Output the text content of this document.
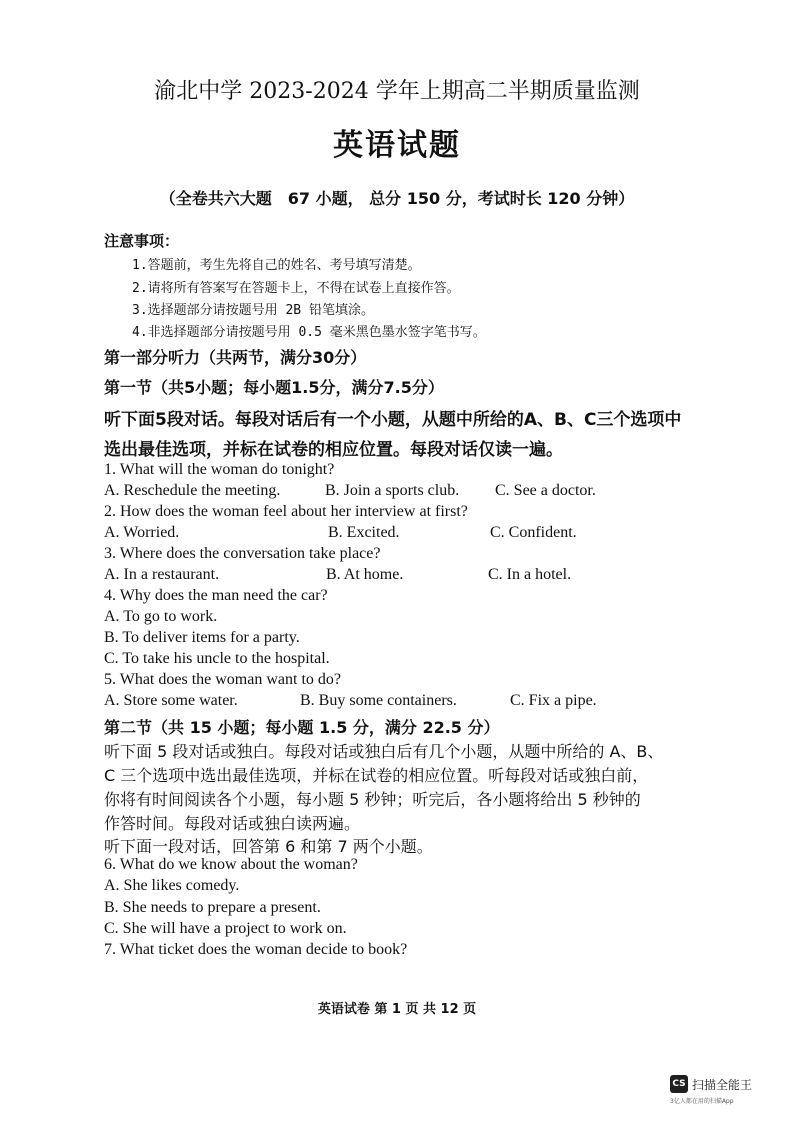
渝北中学 2023-2024 学年上期高二半期质量监测
英语试题
（全卷共六大题　67 小题， 总分 150 分，考试时长 120 分钟）
注意事项：
1.答题前，考生先将自己的姓名、考号填写清楚。
2.请将所有答案写在答题卡上，不得在试卷上直接作答。
3.选择题部分请按题号用 2B 铅笔填涂。
4.非选择题部分请按题号用 0.5 毫米黑色墨水签字笔书写。
第一部分听力（共两节，满分30分）
第一节（共5小题；每小题1.5分，满分7.5分）
听下面5段对话。每段对话后有一个小题，从题中所给的A、B、C三个选项中
选出最佳选项，并标在试卷的相应位置。每段对话仅读一遍。
1. What will the woman do tonight?
A. Reschedule the meeting.	B. Join a sports club. C. See a doctor.
2. How does the woman feel about her interview at first?
A. Worried.	B. Excited.	C. Confident.
3. Where does the conversation take place?
A. In a restaurant.	B. At home.	C. In a hotel.
4. Why does the man need the car?
A. To go to work.
B. To deliver items for a party.
C. To take his uncle to the hospital.
5. What does the woman want to do?
A. Store some water.	B. Buy some containers.	C. Fix a pipe.
第二节（共 15 小题；每小题 1.5 分，满分 22.5 分）
听下面 5 段对话或独白。每段对话或独白后有几个小题，从题中所给的 A、B、
C 三个选项中选出最佳选项，并标在试卷的相应位置。听每段对话或独白前，
你将有时间阅读各个小题，每小题 5 秒钟；听完后，各小题将给出 5 秒钟的
作答时间。每段对话或独白读两遍。
听下面一段对话，回答第 6 和第 7 两个小题。
6. What do we know about the woman?
A. She likes comedy.
B. She needs to prepare a present.
C. She will have a project to work on.
7. What ticket does the woman decide to book?
英语试卷 第 1 页 共 12 页
CS 扫描全能王
3亿人都在用的扫描App
